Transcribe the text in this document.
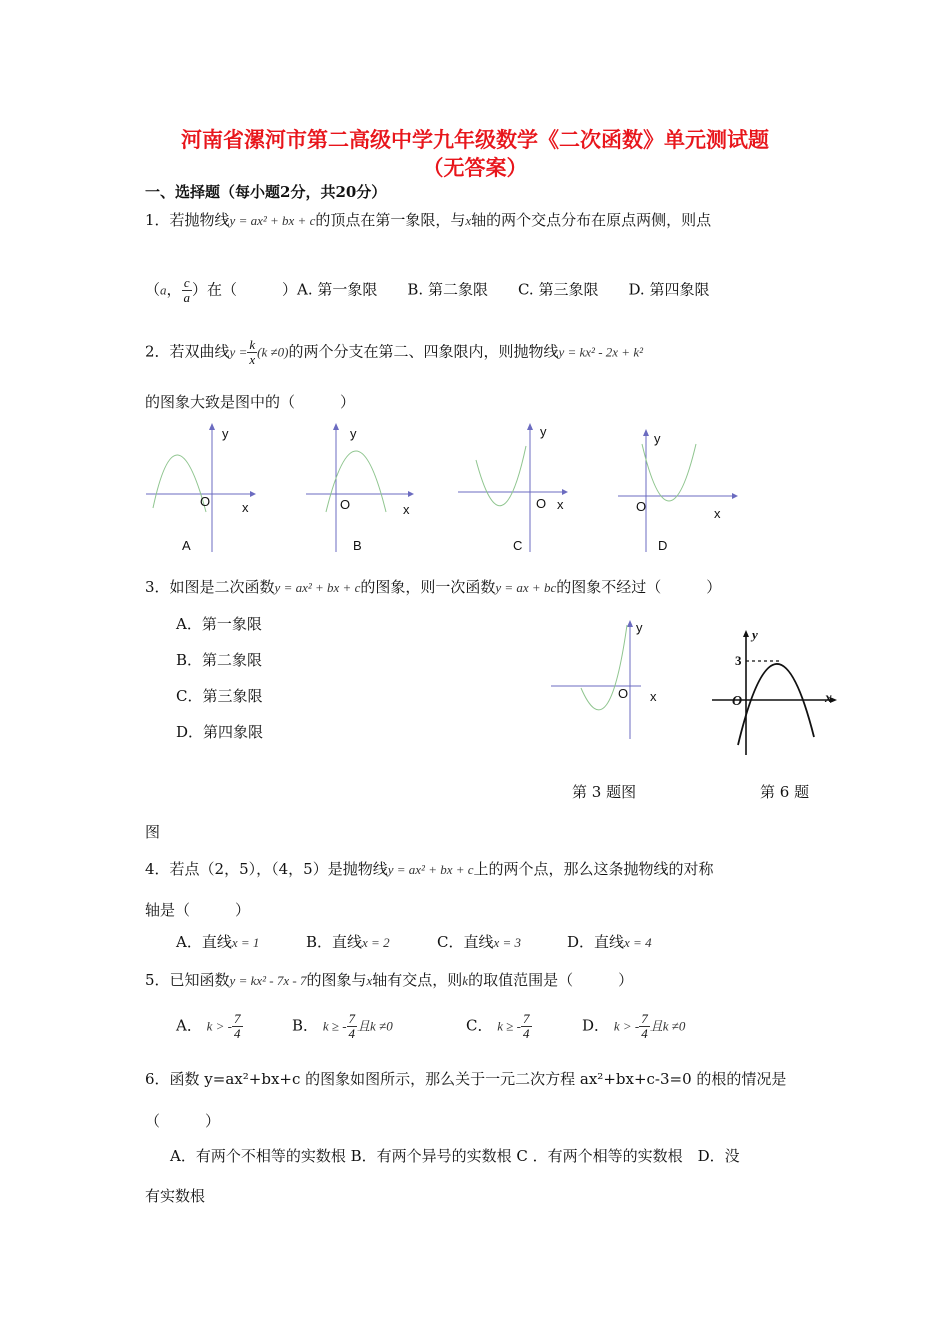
河南省漯河市第二高级中学九年级数学《二次函数》单元测试题
（无答案）
一、选择题（每小题2分，共20分）
1．若抛物线y = ax² + bx + c的顶点在第一象限，与x轴的两个交点分布在原点两侧，则点
（a， $\frac{c}{a}$ ）在（　　　）A. 第一象限　　B. 第二象限　　C. 第三象限　　D. 第四象限
2．若双曲线$y = \frac{k}{x} (k \ne 0)$的两个分支在第二、四象限内，则抛物线y = kx² - 2x + k²
的图象大致是图中的（　　　）
y
O x
A
y
O	x
B
y
O x
C
y
O	x
D
3．如图是二次函数y = ax² + bx + c的图象，则一次函数y = ax + bc的图象不经过（　　　）
A．第一象限
B．第二象限
C．第三象限
D．第四象限
y
O x
y
3
O	x
第 3 题图	第 6 题
图
4．若点（2，5），（4，5）是抛物线y = ax² + bx + c上的两个点，那么这条抛物线的对称
轴是（　　　）
A．直线x = 1	B．直线x = 2	C．直线x = 3	D．直线x = 4
5．已知函数y = kx² - 7x - 7的图象与x轴有交点，则k的取值范围是（　　　）
A． k > - $\frac{7}{4}$	B． k ≥ - $\frac{7}{4}$ 且k ≠0	C． k ≥ - $\frac{7}{4}$	D． k > - $\frac{7}{4}$ 且k ≠0
6．函数 y=ax²+bx+c 的图象如图所示，那么关于一元二次方程 ax²+bx+c-3=0 的根的情况是
（　　　）
A．有两个不相等的实数根 B．有两个异号的实数根 C ．有两个相等的实数根　D．没
有实数根
